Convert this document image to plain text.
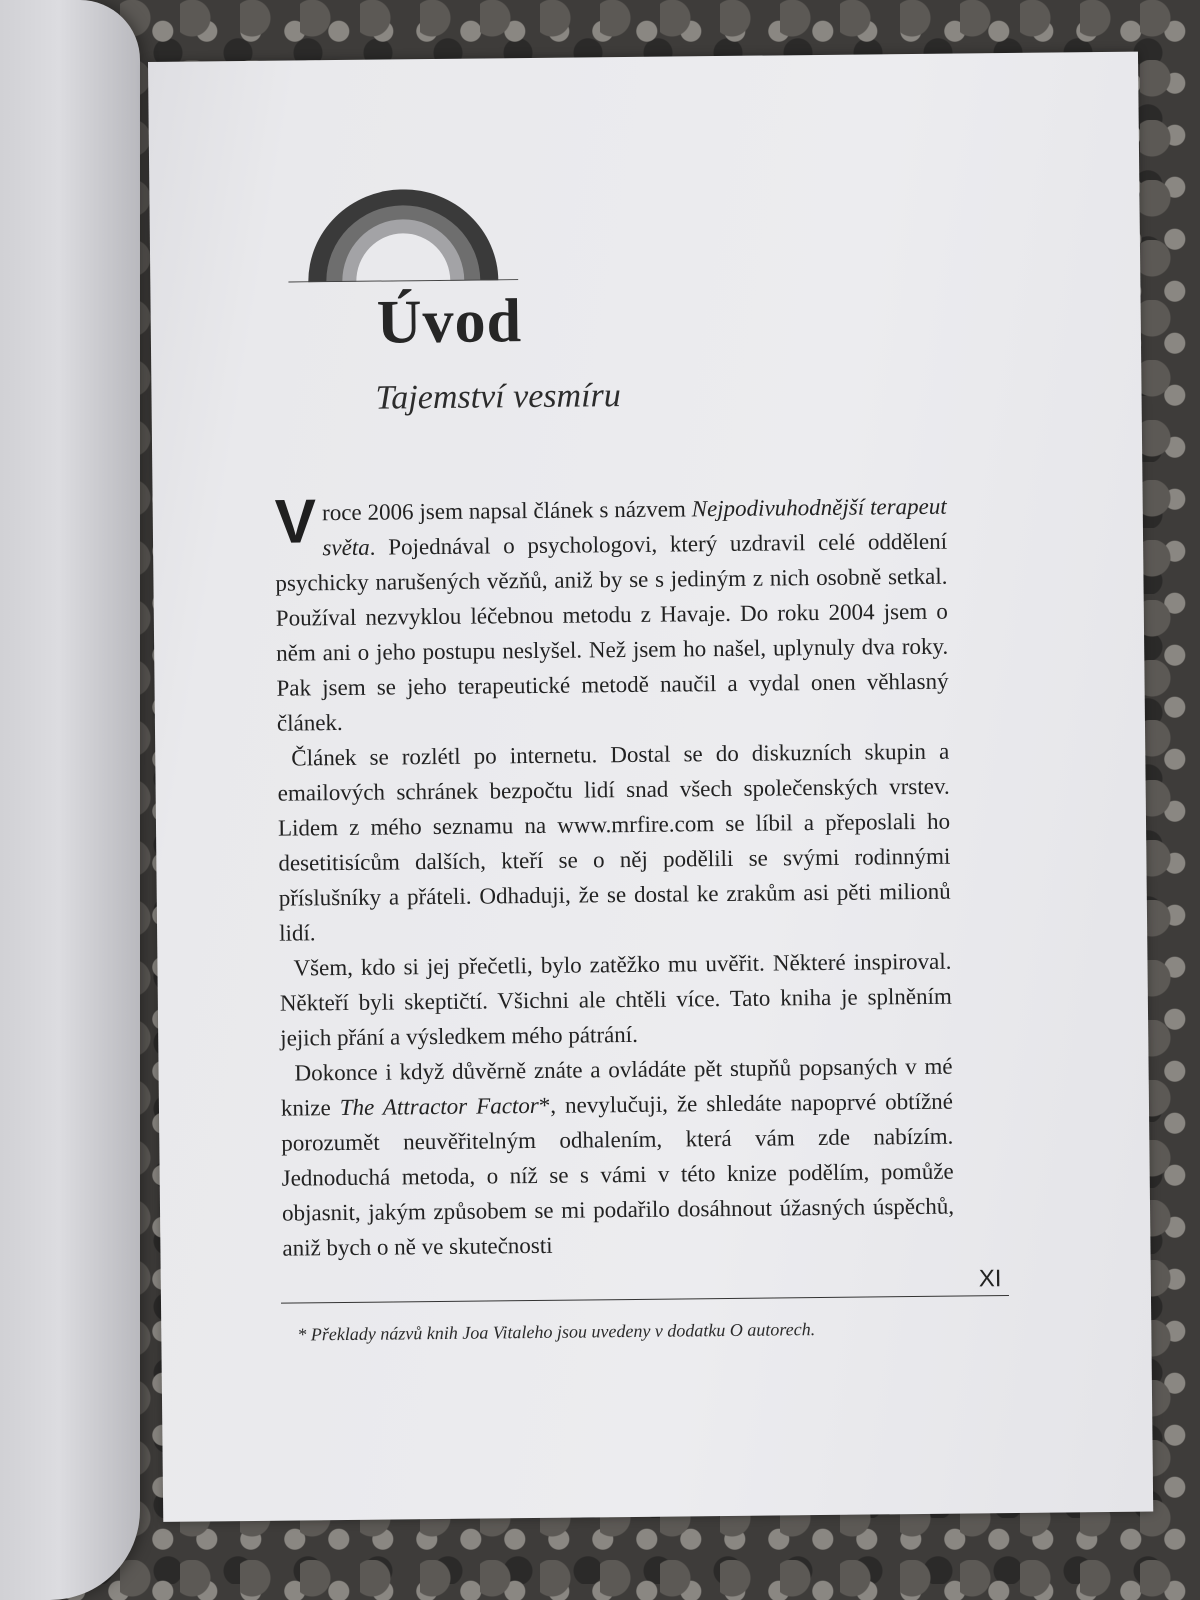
Úvod
Tajemství vesmíru

V roce 2006 jsem napsal článek s názvem Nejpodivuhodnější terapeut světa. Pojednával o psychologovi, který uzdravil celé oddělení psychicky narušených vězňů, aniž by se s jediným z nich osobně setkal. Používal nezvyklou léčebnou metodu z Havaje. Do roku 2004 jsem o něm ani o jeho postupu neslyšel. Než jsem ho našel, uplynuly dva roky. Pak jsem se jeho terapeutické metodě naučil a vydal onen věhlasný článek.

Článek se rozlétl po internetu. Dostal se do diskuzních skupin a emailových schránek bezpočtu lidí snad všech společenských vrstev. Lidem z mého seznamu na www.mrfire.com se líbil a přeposlali ho desetitisícům dalších, kteří se o něj podělili se svými rodinnými příslušníky a přáteli. Odhaduji, že se dostal ke zrakům asi pěti milionů lidí.

Všem, kdo si jej přečetli, bylo zatěžko mu uvěřit. Některé inspiroval. Někteří byli skeptičtí. Všichni ale chtěli více. Tato kniha je splněním jejich přání a výsledkem mého pátrání.

Dokonce i když důvěrně znáte a ovládáte pět stupňů popsaných v mé knize The Attractor Factor*, nevylučuji, že shledáte napoprvé obtížné porozumět neuvěřitelným odhalením, která vám zde nabízím. Jednoduchá metoda, o níž se s vámi v této knize podělím, pomůže objasnit, jakým způsobem se mi podařilo dosáhnout úžasných úspěchů, aniž bych o ně ve skutečnosti

XI

* Překlady názvů knih Joa Vitaleho jsou uvedeny v dodatku O autorech.
